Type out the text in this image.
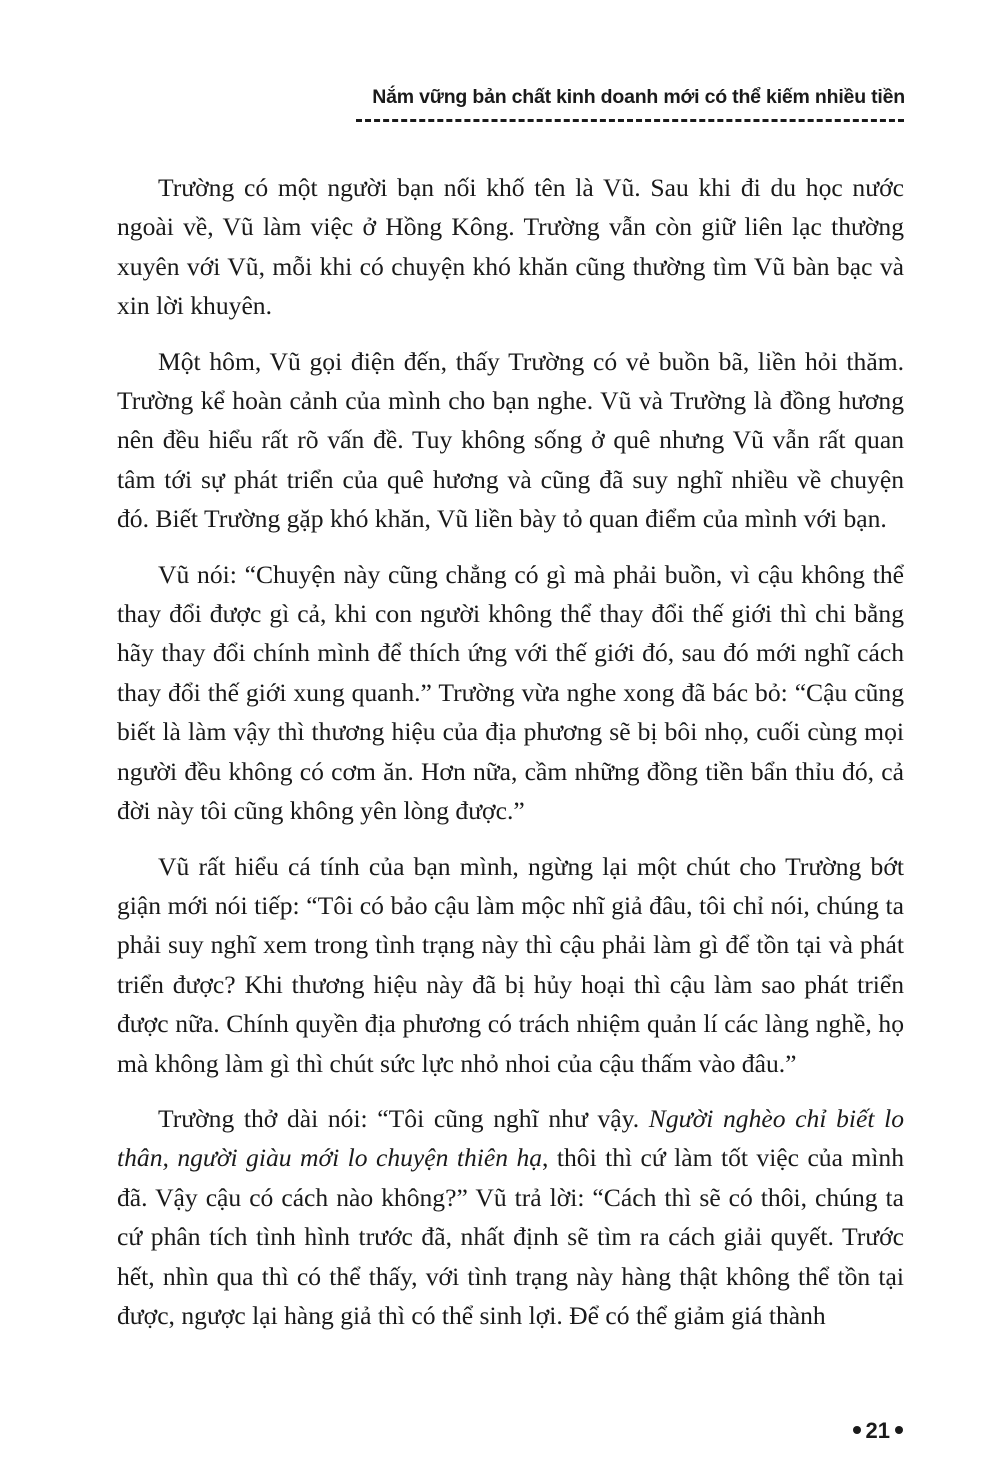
Nắm vững bản chất kinh doanh mới có thể kiếm nhiều tiền

Trường có một người bạn nối khố tên là Vũ. Sau khi đi du học nước ngoài về, Vũ làm việc ở Hồng Kông. Trường vẫn còn giữ liên lạc thường xuyên với Vũ, mỗi khi có chuyện khó khăn cũng thường tìm Vũ bàn bạc và xin lời khuyên.

Một hôm, Vũ gọi điện đến, thấy Trường có vẻ buồn bã, liền hỏi thăm. Trường kể hoàn cảnh của mình cho bạn nghe. Vũ và Trường là đồng hương nên đều hiểu rất rõ vấn đề. Tuy không sống ở quê nhưng Vũ vẫn rất quan tâm tới sự phát triển của quê hương và cũng đã suy nghĩ nhiều về chuyện đó. Biết Trường gặp khó khăn, Vũ liền bày tỏ quan điểm của mình với bạn.

Vũ nói: “Chuyện này cũng chẳng có gì mà phải buồn, vì cậu không thể thay đổi được gì cả, khi con người không thể thay đổi thế giới thì chi bằng hãy thay đổi chính mình để thích ứng với thế giới đó, sau đó mới nghĩ cách thay đổi thế giới xung quanh.” Trường vừa nghe xong đã bác bỏ: “Cậu cũng biết là làm vậy thì thương hiệu của địa phương sẽ bị bôi nhọ, cuối cùng mọi người đều không có cơm ăn. Hơn nữa, cầm những đồng tiền bẩn thỉu đó, cả đời này tôi cũng không yên lòng được.”

Vũ rất hiểu cá tính của bạn mình, ngừng lại một chút cho Trường bớt giận mới nói tiếp: “Tôi có bảo cậu làm mộc nhĩ giả đâu, tôi chỉ nói, chúng ta phải suy nghĩ xem trong tình trạng này thì cậu phải làm gì để tồn tại và phát triển được? Khi thương hiệu này đã bị hủy hoại thì cậu làm sao phát triển được nữa. Chính quyền địa phương có trách nhiệm quản lí các làng nghề, họ mà không làm gì thì chút sức lực nhỏ nhoi của cậu thấm vào đâu.”

Trường thở dài nói: “Tôi cũng nghĩ như vậy. Người nghèo chỉ biết lo thân, người giàu mới lo chuyện thiên hạ, thôi thì cứ làm tốt việc của mình đã. Vậy cậu có cách nào không?” Vũ trả lời: “Cách thì sẽ có thôi, chúng ta cứ phân tích tình hình trước đã, nhất định sẽ tìm ra cách giải quyết. Trước hết, nhìn qua thì có thể thấy, với tình trạng này hàng thật không thể tồn tại được, ngược lại hàng giả thì có thể sinh lợi. Để có thể giảm giá thành

21
